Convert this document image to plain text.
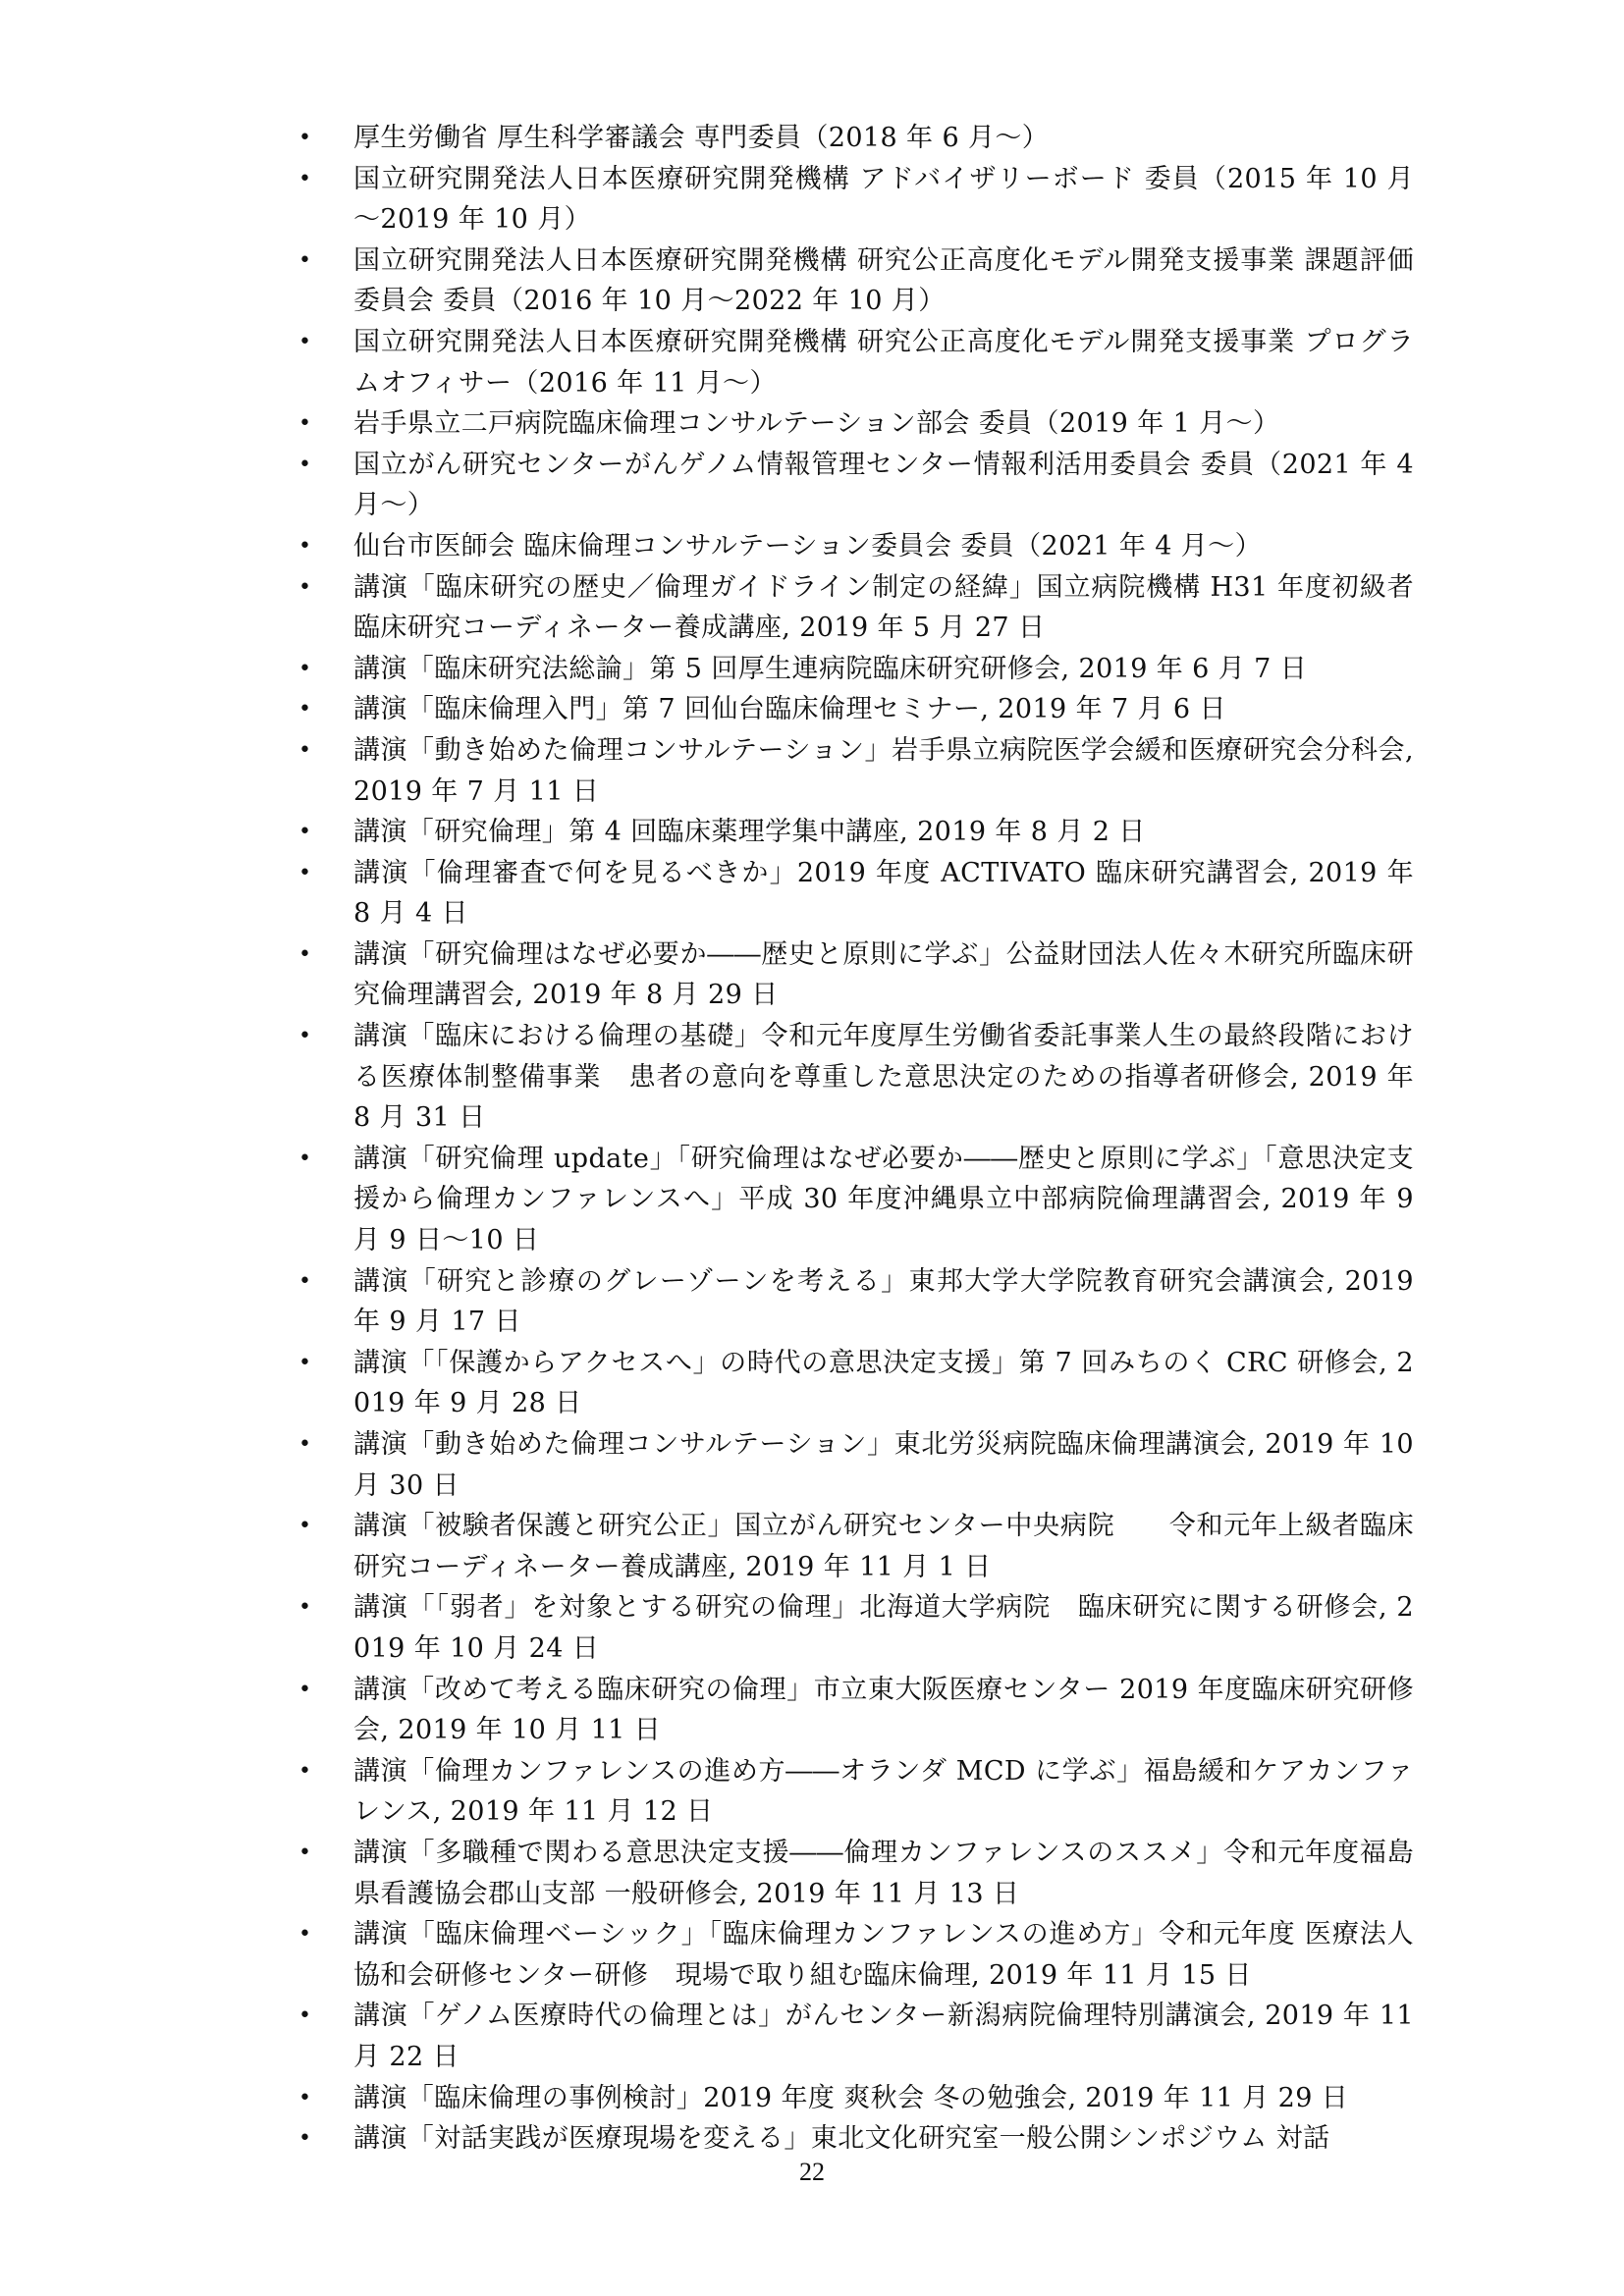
• 厚生労働省 厚生科学審議会 専門委員（2018 年 6 月～）
• 国立研究開発法人日本医療研究開発機構 アドバイザリーボード 委員（2015 年 10 月～2019 年 10 月）
• 国立研究開発法人日本医療研究開発機構 研究公正高度化モデル開発支援事業 課題評価委員会 委員（2016 年 10 月～2022 年 10 月）
• 国立研究開発法人日本医療研究開発機構 研究公正高度化モデル開発支援事業 プログラムオフィサー（2016 年 11 月～）
• 岩手県立二戸病院臨床倫理コンサルテーション部会 委員（2019 年 1 月～）
• 国立がん研究センターがんゲノム情報管理センター情報利活用委員会 委員（2021 年 4 月～）
• 仙台市医師会 臨床倫理コンサルテーション委員会 委員（2021 年 4 月～）
• 講演「臨床研究の歴史／倫理ガイドライン制定の経緯」国立病院機構 H31 年度初級者臨床研究コーディネーター養成講座, 2019 年 5 月 27 日
• 講演「臨床研究法総論」第 5 回厚生連病院臨床研究研修会, 2019 年 6 月 7 日
• 講演「臨床倫理入門」第 7 回仙台臨床倫理セミナー, 2019 年 7 月 6 日
• 講演「動き始めた倫理コンサルテーション」岩手県立病院医学会緩和医療研究会分科会, 2019 年 7 月 11 日
• 講演「研究倫理」第 4 回臨床薬理学集中講座, 2019 年 8 月 2 日
• 講演「倫理審査で何を見るべきか」2019 年度 ACTIVATO 臨床研究講習会, 2019 年 8 月 4 日
• 講演「研究倫理はなぜ必要か――歴史と原則に学ぶ」公益財団法人佐々木研究所臨床研究倫理講習会, 2019 年 8 月 29 日
• 講演「臨床における倫理の基礎」令和元年度厚生労働省委託事業人生の最終段階における医療体制整備事業　患者の意向を尊重した意思決定のための指導者研修会, 2019 年 8 月 31 日
• 講演「研究倫理 update」「研究倫理はなぜ必要か――歴史と原則に学ぶ」「意思決定支援から倫理カンファレンスへ」平成 30 年度沖縄県立中部病院倫理講習会, 2019 年 9 月 9 日～10 日
• 講演「研究と診療のグレーゾーンを考える」東邦大学大学院教育研究会講演会, 2019 年 9 月 17 日
• 講演「「保護からアクセスへ」の時代の意思決定支援」第 7 回みちのく CRC 研修会, 2019 年 9 月 28 日
• 講演「動き始めた倫理コンサルテーション」東北労災病院臨床倫理講演会, 2019 年 10 月 30 日
• 講演「被験者保護と研究公正」国立がん研究センター中央病院　　令和元年上級者臨床研究コーディネーター養成講座, 2019 年 11 月 1 日
• 講演「「弱者」を対象とする研究の倫理」北海道大学病院　臨床研究に関する研修会, 2019 年 10 月 24 日
• 講演「改めて考える臨床研究の倫理」市立東大阪医療センター 2019 年度臨床研究研修会, 2019 年 10 月 11 日
• 講演「倫理カンファレンスの進め方――オランダ MCD に学ぶ」福島緩和ケアカンファレンス, 2019 年 11 月 12 日
• 講演「多職種で関わる意思決定支援――倫理カンファレンスのススメ」令和元年度福島県看護協会郡山支部 一般研修会, 2019 年 11 月 13 日
• 講演「臨床倫理ベーシック」「臨床倫理カンファレンスの進め方」令和元年度 医療法人協和会研修センター研修　現場で取り組む臨床倫理, 2019 年 11 月 15 日
• 講演「ゲノム医療時代の倫理とは」がんセンター新潟病院倫理特別講演会, 2019 年 11 月 22 日
• 講演「臨床倫理の事例検討」2019 年度 爽秋会 冬の勉強会, 2019 年 11 月 29 日
• 講演「対話実践が医療現場を変える」東北文化研究室一般公開シンポジウム 対話
22
